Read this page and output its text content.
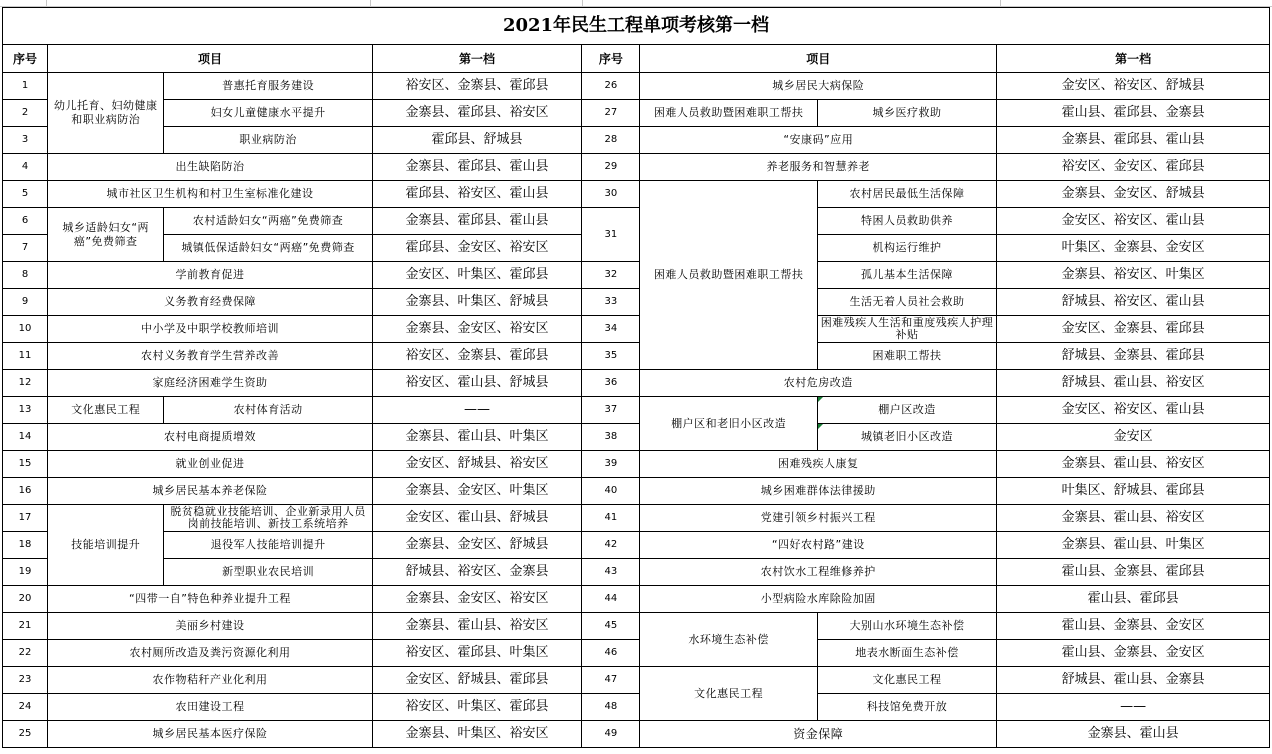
2021年民生工程单项考核第一档							
序号	项目		第一档	序号	项目		第一档
1	幼儿托育、妇幼健康和职业病防治	普惠托育服务建设	裕安区、金寨县、霍邱县	26	城乡居民大病保险		金安区、裕安区、舒城县
2		妇女儿童健康水平提升	金寨县、霍邱县、裕安区	27	困难人员救助暨困难职工帮扶	城乡医疗救助	霍山县、霍邱县、金寨县
3		职业病防治	霍邱县、舒城县	28	“安康码”应用		金寨县、霍邱县、霍山县
4	出生缺陷防治		金寨县、霍邱县、霍山县	29	养老服务和智慧养老		裕安区、金安区、霍邱县
5	城市社区卫生机构和村卫生室标准化建设		霍邱县、裕安区、霍山县	30	困难人员救助暨困难职工帮扶	农村居民最低生活保障	金寨县、金安区、舒城县
6	城乡适龄妇女“两癌”免费筛查	农村适龄妇女“两癌”免费筛查	金寨县、霍邱县、霍山县	31		特困人员救助供养	金安区、裕安区、霍山县
7		城镇低保适龄妇女“两癌”免费筛查	霍邱县、金安区、裕安区			机构运行维护	叶集区、金寨县、金安区
8	学前教育促进		金安区、叶集区、霍邱县	32		孤儿基本生活保障	金寨县、裕安区、叶集区
9	义务教育经费保障		金寨县、叶集区、舒城县	33		生活无着人员社会救助	舒城县、裕安区、霍山县
10	中小学及中职学校教师培训		金寨县、金安区、裕安区	34		困难残疾人生活和重度残疾人护理补贴	金安区、金寨县、霍邱县
11	农村义务教育学生营养改善		裕安区、金寨县、霍邱县	35		困难职工帮扶	舒城县、金寨县、霍邱县
12	家庭经济困难学生资助		裕安区、霍山县、舒城县	36	农村危房改造		舒城县、霍山县、裕安区
13	文化惠民工程	农村体育活动	——	37	棚户区和老旧小区改造	棚户区改造	金安区、裕安区、霍山县
14	农村电商提质增效		金寨县、霍山县、叶集区	38		城镇老旧小区改造	金安区
15	就业创业促进		金安区、舒城县、裕安区	39	困难残疾人康复		金寨县、霍山县、裕安区
16	城乡居民基本养老保险		金寨县、金安区、叶集区	40	城乡困难群体法律援助		叶集区、舒城县、霍邱县
17	技能培训提升	脱贫稳就业技能培训、企业新录用人员岗前技能培训、新技工系统培养	金安区、霍山县、舒城县	41	党建引领乡村振兴工程		金寨县、霍山县、裕安区
18		退役军人技能培训提升	金寨县、金安区、舒城县	42	“四好农村路”建设		金寨县、霍山县、叶集区
19		新型职业农民培训	舒城县、裕安区、金寨县	43	农村饮水工程维修养护		霍山县、金寨县、霍邱县
20	“四带一自”特色种养业提升工程		金寨县、金安区、裕安区	44	小型病险水库除险加固		霍山县、霍邱县
21	美丽乡村建设		金寨县、霍山县、裕安区	45	水环境生态补偿	大别山水环境生态补偿	霍山县、金寨县、金安区
22	农村厕所改造及粪污资源化利用		裕安区、霍邱县、叶集区	46		地表水断面生态补偿	霍山县、金寨县、金安区
23	农作物秸秆产业化利用		金安区、舒城县、霍邱县	47	文化惠民工程	文化惠民工程	舒城县、霍山县、金寨县
24	农田建设工程		裕安区、叶集区、霍邱县	48		科技馆免费开放	——
25	城乡居民基本医疗保险		金寨县、叶集区、裕安区	49	资金保障		金寨县、霍山县
